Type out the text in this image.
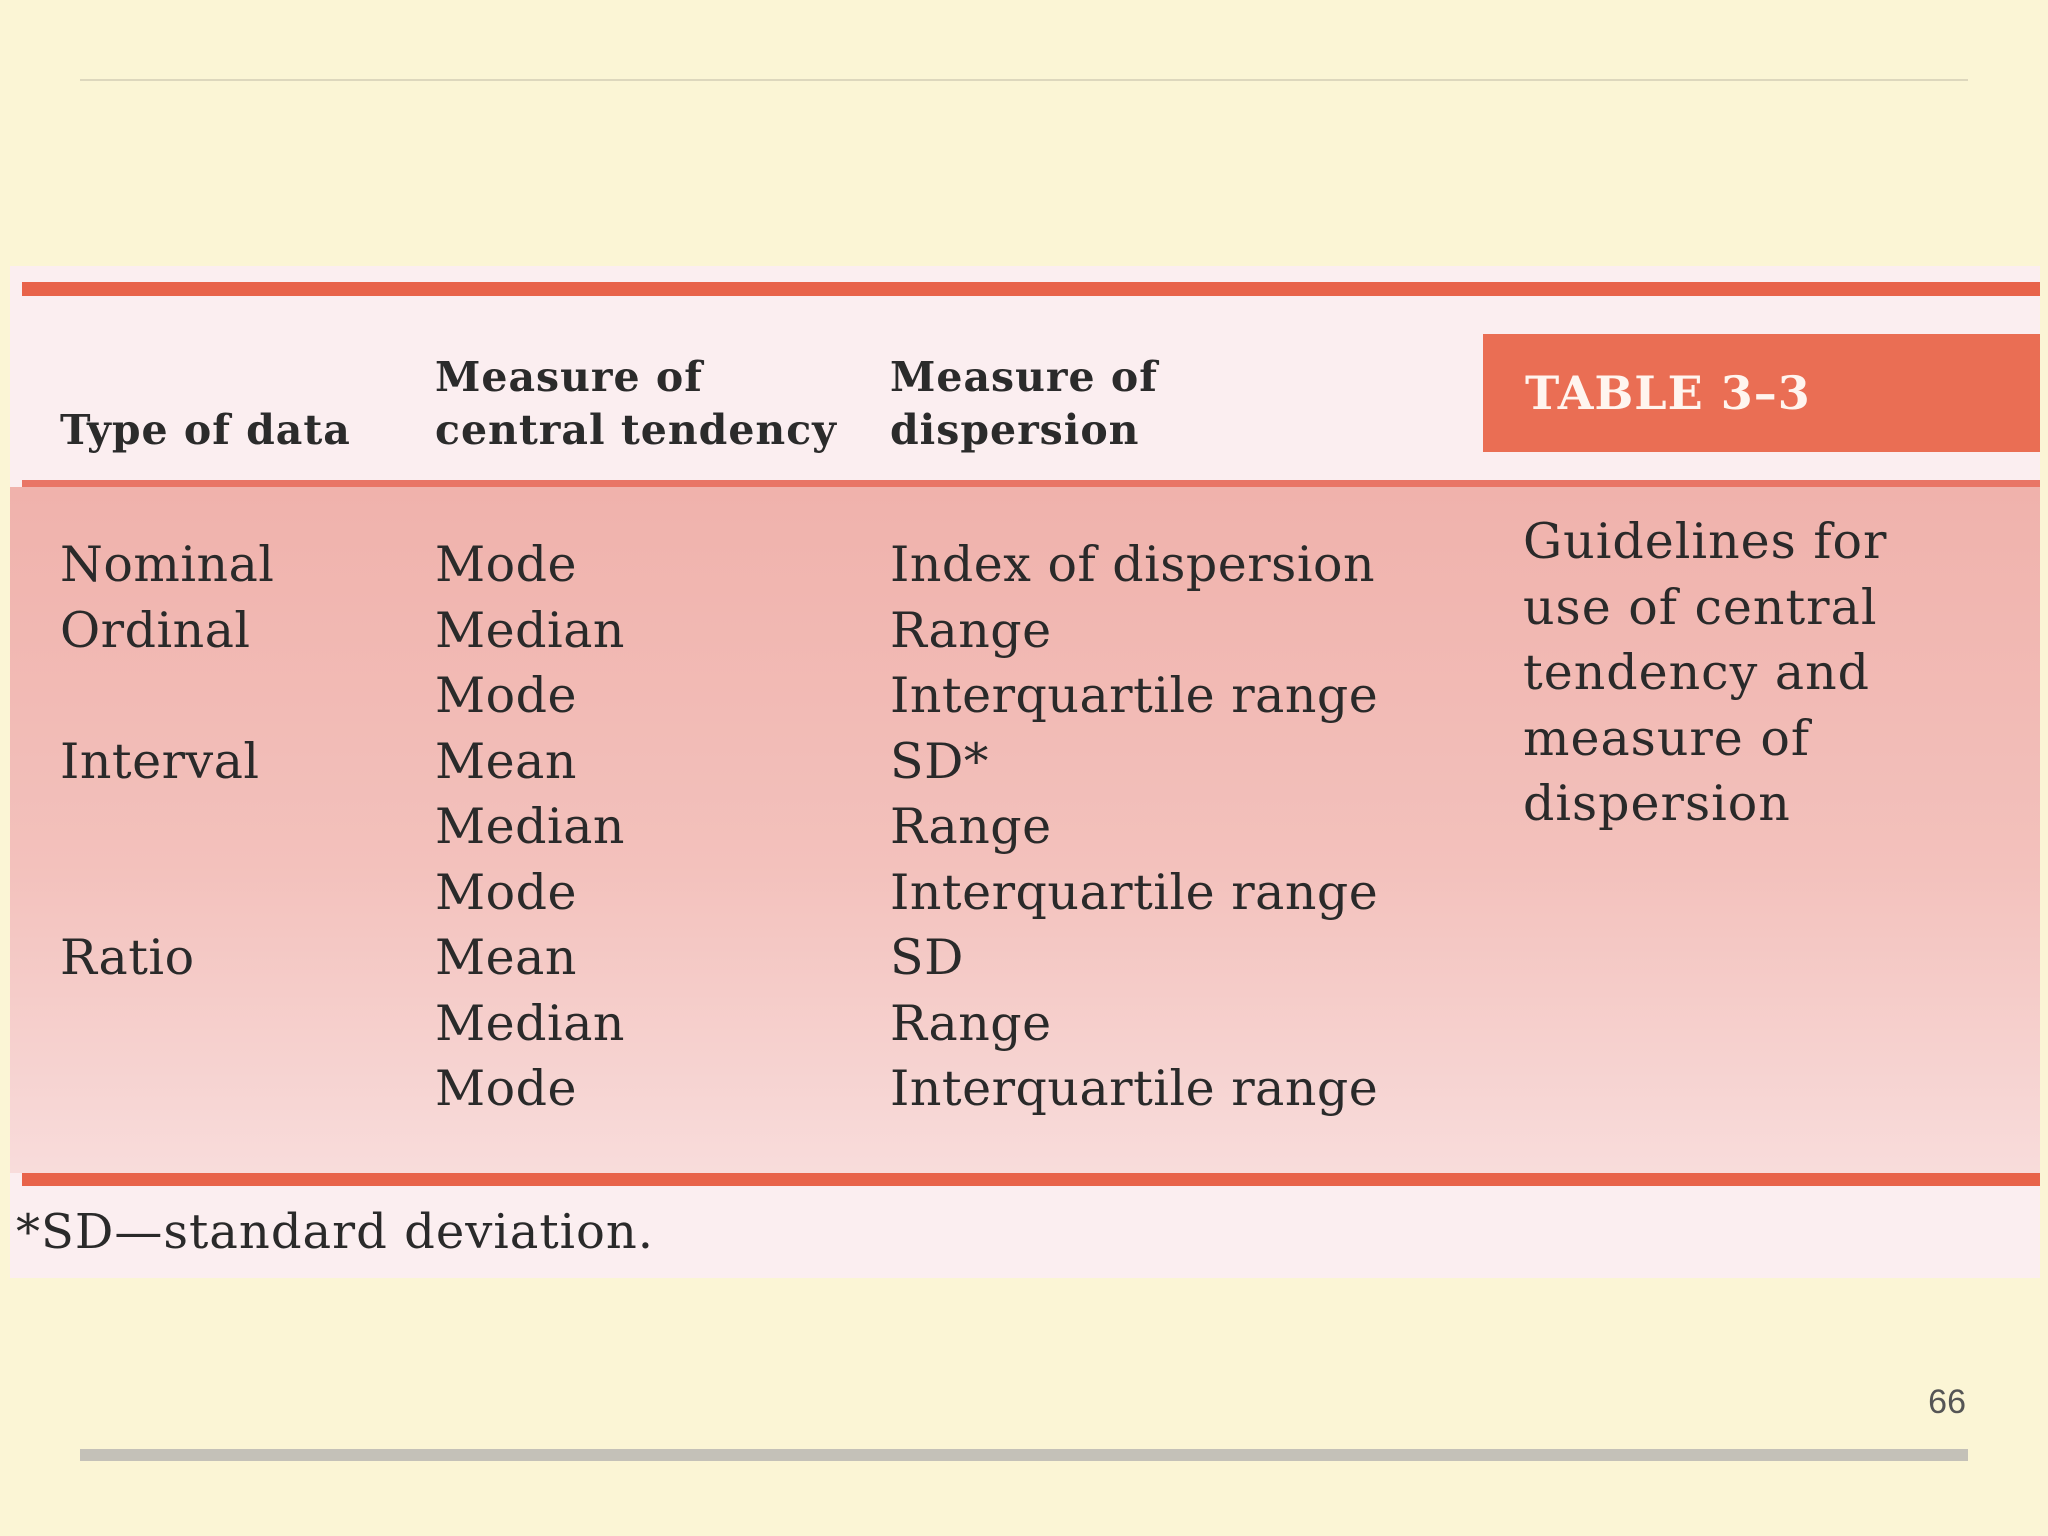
Type of data
Measure of
central tendency
Measure of
dispersion
TABLE 3–3
Nominal
Ordinal
Interval
Ratio
Mode
Median
Mode
Mean
Median
Mode
Mean
Median
Mode
Index of dispersion
Range
Interquartile range
SD*
Range
Interquartile range
SD
Range
Interquartile range
Guidelines for
use of central
tendency and
measure of
dispersion
*SD—standard deviation.
66
